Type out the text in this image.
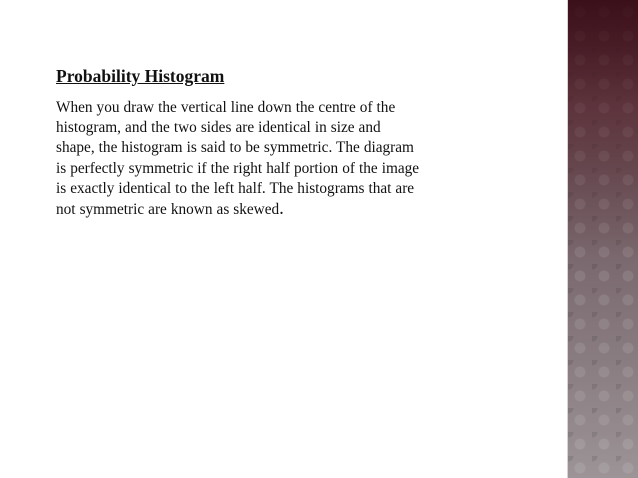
Probability Histogram

When you draw the vertical line down the centre of the
histogram, and the two sides are identical in size and
shape, the histogram is said to be symmetric. The diagram
is perfectly symmetric if the right half portion of the image
is exactly identical to the left half. The histograms that are
not symmetric are known as skewed.
